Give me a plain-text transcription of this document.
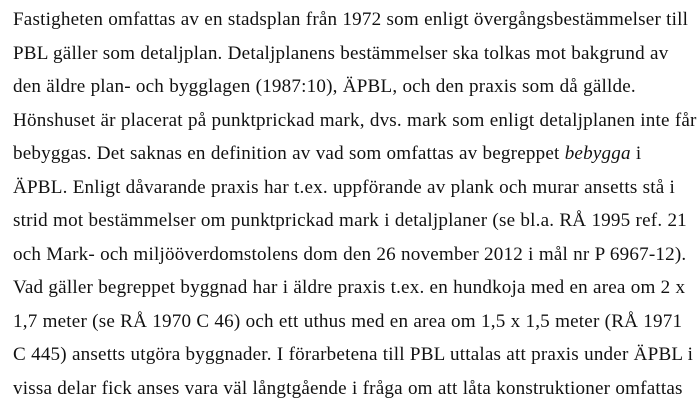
Fastigheten omfattas av en stadsplan från 1972 som enligt övergångsbestämmelser till
PBL gäller som detaljplan. Detaljplanens bestämmelser ska tolkas mot bakgrund av
den äldre plan- och bygglagen (1987:10), ÄPBL, och den praxis som då gällde.
Hönshuset är placerat på punktprickad mark, dvs. mark som enligt detaljplanen inte får
bebyggas. Det saknas en definition av vad som omfattas av begreppet bebygga i
ÄPBL. Enligt dåvarande praxis har t.ex. uppförande av plank och murar ansetts stå i
strid mot bestämmelser om punktprickad mark i detaljplaner (se bl.a. RÅ 1995 ref. 21
och Mark- och miljööverdomstolens dom den 26 november 2012 i mål nr P 6967-12).
Vad gäller begreppet byggnad har i äldre praxis t.ex. en hundkoja med en area om 2 x
1,7 meter (se RÅ 1970 C 46) och ett uthus med en area om 1,5 x 1,5 meter (RÅ 1971
C 445) ansetts utgöra byggnader. I förarbetena till PBL uttalas att praxis under ÄPBL i
vissa delar fick anses vara väl långtgående i fråga om att låta konstruktioner omfattas
